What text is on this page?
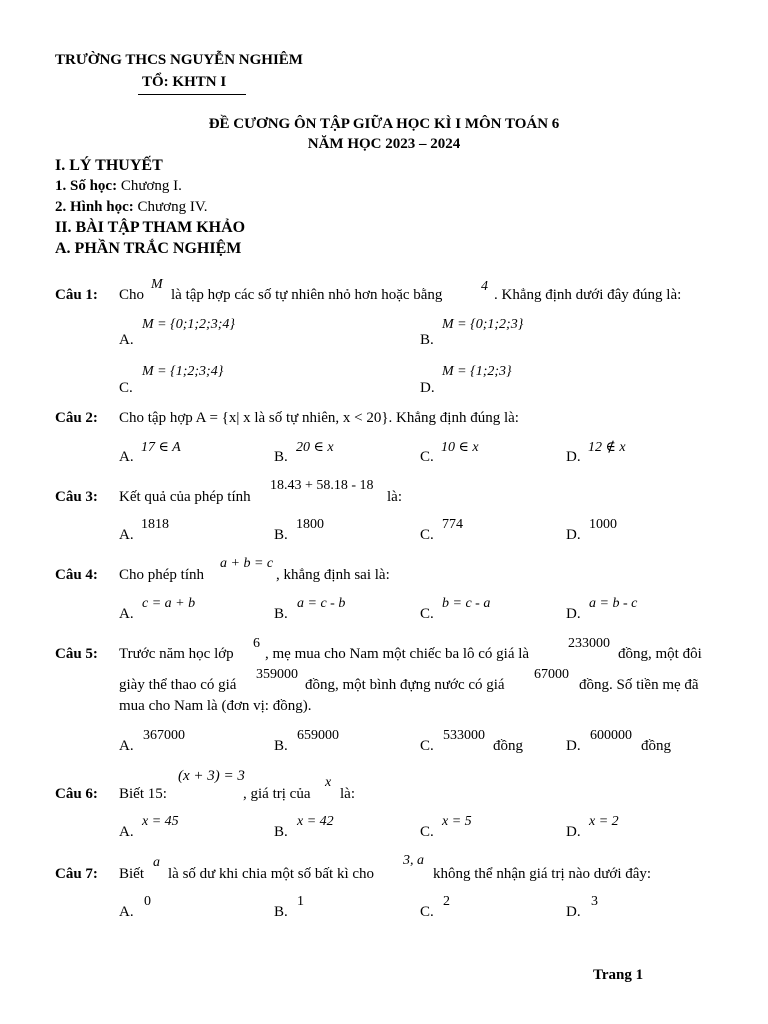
TRƯỜNG THCS NGUYỄN NGHIÊM
TỔ: KHTN I
ĐỀ CƯƠNG ÔN TẬP GIỮA HỌC KÌ I MÔN TOÁN 6
NĂM HỌC 2023 – 2024
I. LÝ THUYẾT
1. Số học: Chương I.
2. Hình học: Chương IV.
II. BÀI TẬP THAM KHẢO
A. PHẦN TRẮC NGHIỆM
Câu 1: Cho
M
là tập hợp các số tự nhiên nhỏ hơn hoặc bằng
4
. Khẳng định dưới đây đúng là:
A.
M = {0;1;2;3;4}
B.
M = {0;1;2;3}
C.
M = {1;2;3;4}
D.
M = {1;2;3}
Câu 2: Cho tập hợp A = {x| x là số tự nhiên, x < 20}. Khẳng định đúng là:
A.
17 ∈ A
B.
20 ∈ x
C.
10 ∈ x
D.
12 ∉ x
Câu 3: Kết quả của phép tính
18.43 + 58.18 - 18
là:
A.
1818
B.
1800
C.
774
D.
1000
Câu 4: Cho phép tính
a + b = c
, khẳng định sai là:
A.
c = a + b
B.
a = c - b
C.
b = c - a
D.
a = b - c
Câu 5: Trước năm học lớp
6
, mẹ mua cho Nam một chiếc ba lô có giá là
233000
đồng, một đôi
giày thể thao có giá
359000
đồng, một bình đựng nước có giá
67000
đồng. Số tiền mẹ đã
mua cho Nam là (đơn vị: đồng).
A.
367000
B.
659000
C.
533000
đồng	D.
600000
đồng
Câu 6: Biết 15:
(x + 3) = 3
, giá trị của
x
là:
A.
x = 45
B.
x = 42
C.
x = 5
D.
x = 2
Câu 7: Biết
a
là số dư khi chia một số bất kì cho
3, a
không thể nhận giá trị nào dưới đây:
A.
0
B.
1
C.
2
D.
3
Trang 1
